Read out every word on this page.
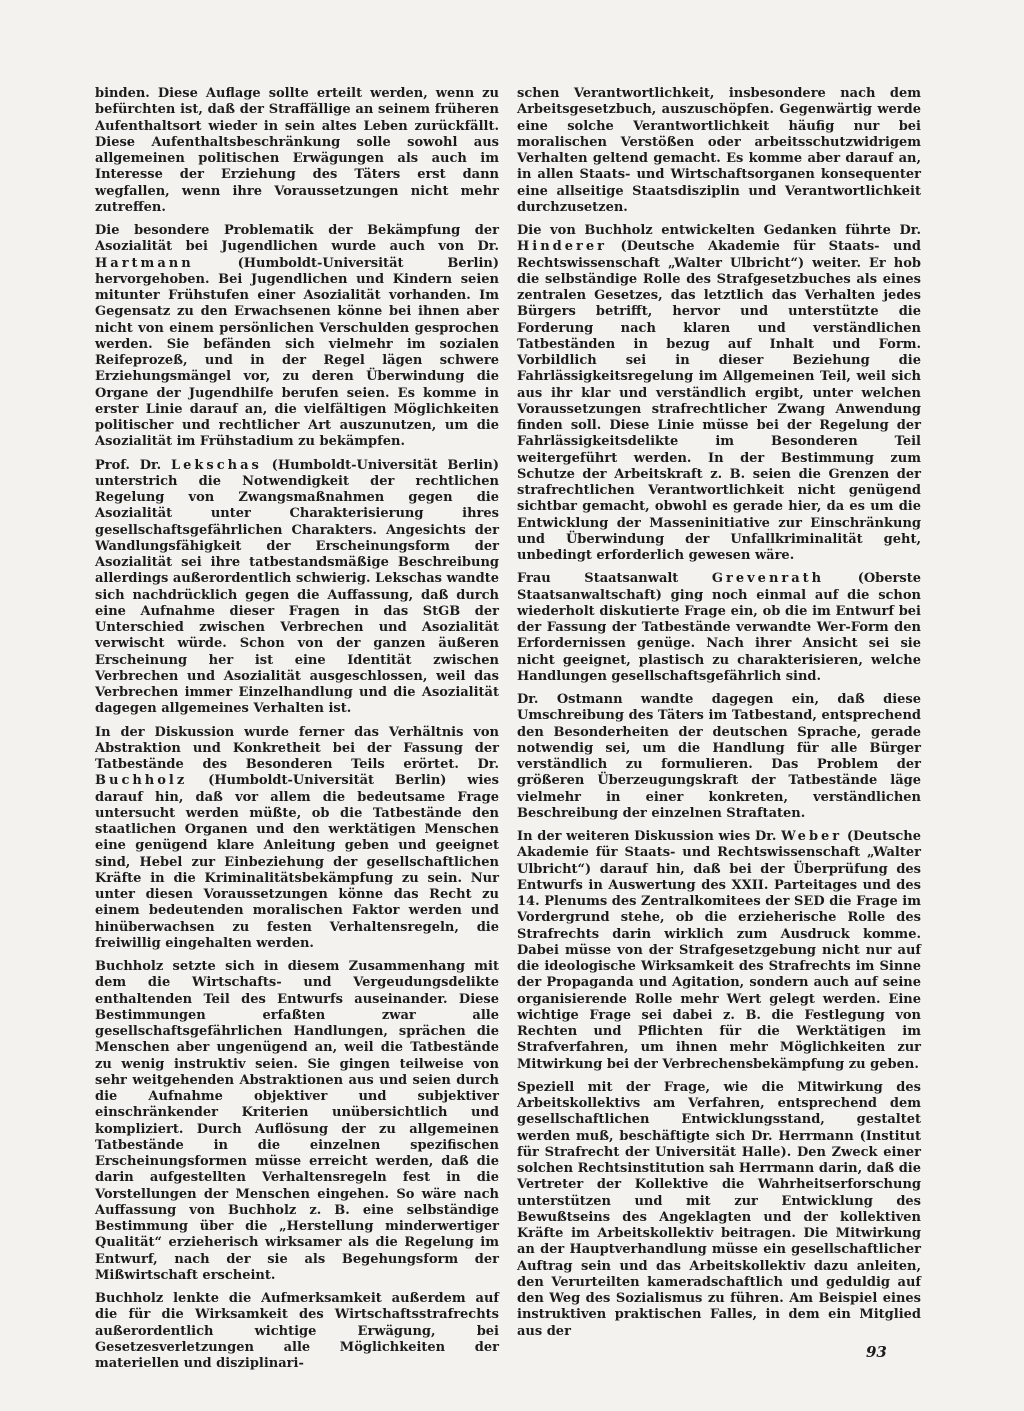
binden. Diese Auflage sollte erteilt werden, wenn zu befürchten ist, daß der Straffällige an seinem früheren Aufenthaltsort wieder in sein altes Leben zurückfällt. Diese Aufenthaltsbeschränkung solle sowohl aus allgemeinen politischen Erwägungen als auch im Interesse der Erziehung des Täters erst dann wegfallen, wenn ihre Voraussetzungen nicht mehr zutreffen.

Die besondere Problematik der Bekämpfung der Asozialität bei Jugendlichen wurde auch von Dr. Hartmann (Humboldt-Universität Berlin) hervorgehoben. Bei Jugendlichen und Kindern seien mitunter Frühstufen einer Asozialität vorhanden. Im Gegensatz zu den Erwachsenen könne bei ihnen aber nicht von einem persönlichen Verschulden gesprochen werden. Sie befänden sich vielmehr im sozialen Reifeprozeß, und in der Regel lägen schwere Erziehungsmängel vor, zu deren Überwindung die Organe der Jugendhilfe berufen seien. Es komme in erster Linie darauf an, die vielfältigen Möglichkeiten politischer und rechtlicher Art auszunutzen, um die Asozialität im Frühstadium zu bekämpfen.

Prof. Dr. Lekschas (Humboldt-Universität Berlin) unterstrich die Notwendigkeit der rechtlichen Regelung von Zwangsmaßnahmen gegen die Asozialität unter Charakterisierung ihres gesellschaftsgefährlichen Charakters. Angesichts der Wandlungsfähigkeit der Erscheinungsform der Asozialität sei ihre tatbestandsmäßige Beschreibung allerdings außerordentlich schwierig. Lekschas wandte sich nachdrücklich gegen die Auffassung, daß durch eine Aufnahme dieser Fragen in das StGB der Unterschied zwischen Verbrechen und Asozialität verwischt würde. Schon von der ganzen äußeren Erscheinung her ist eine Identität zwischen Verbrechen und Asozialität ausgeschlossen, weil das Verbrechen immer Einzelhandlung und die Asozialität dagegen allgemeines Verhalten ist.

In der Diskussion wurde ferner das Verhältnis von Abstraktion und Konkretheit bei der Fassung der Tatbestände des Besonderen Teils erörtet. Dr. Buchholz (Humboldt-Universität Berlin) wies darauf hin, daß vor allem die bedeutsame Frage untersucht werden müßte, ob die Tatbestände den staatlichen Organen und den werktätigen Menschen eine genügend klare Anleitung geben und geeignet sind, Hebel zur Einbeziehung der gesellschaftlichen Kräfte in die Kriminalitätsbekämpfung zu sein. Nur unter diesen Voraussetzungen könne das Recht zu einem bedeutenden moralischen Faktor werden und hinüberwachsen zu festen Verhaltensregeln, die freiwillig eingehalten werden.

Buchholz setzte sich in diesem Zusammenhang mit dem die Wirtschafts- und Vergeudungsdelikte enthaltenden Teil des Entwurfs auseinander. Diese Bestimmungen erfaßten zwar alle gesellschaftsgefährlichen Handlungen, sprächen die Menschen aber ungenügend an, weil die Tatbestände zu wenig instruktiv seien. Sie gingen teilweise von sehr weitgehenden Abstraktionen aus und seien durch die Aufnahme objektiver und subjektiver einschränkender Kriterien unübersichtlich und kompliziert. Durch Auflösung der zu allgemeinen Tatbestände in die einzelnen spezifischen Erscheinungsformen müsse erreicht werden, daß die darin aufgestellten Verhaltensregeln fest in die Vorstellungen der Menschen eingehen. So wäre nach Auffassung von Buchholz z. B. eine selbständige Bestimmung über die „Herstellung minderwertiger Qualität“ erzieherisch wirksamer als die Regelung im Entwurf, nach der sie als Begehungsform der Mißwirtschaft erscheint.

Buchholz lenkte die Aufmerksamkeit außerdem auf die für die Wirksamkeit des Wirtschaftsstrafrechts außerordentlich wichtige Erwägung, bei Gesetzesverletzungen alle Möglichkeiten der materiellen und disziplinari-

schen Verantwortlichkeit, insbesondere nach dem Arbeitsgesetzbuch, auszuschöpfen. Gegenwärtig werde eine solche Verantwortlichkeit häufig nur bei moralischen Verstößen oder arbeitsschutzwidrigem Verhalten geltend gemacht. Es komme aber darauf an, in allen Staats- und Wirtschaftsorganen konsequenter eine allseitige Staatsdisziplin und Verantwortlichkeit durchzusetzen.

Die von Buchholz entwickelten Gedanken führte Dr. Hinderer (Deutsche Akademie für Staats- und Rechtswissenschaft „Walter Ulbricht“) weiter. Er hob die selbständige Rolle des Strafgesetzbuches als eines zentralen Gesetzes, das letztlich das Verhalten jedes Bürgers betrifft, hervor und unterstützte die Forderung nach klaren und verständlichen Tatbeständen in bezug auf Inhalt und Form. Vorbildlich sei in dieser Beziehung die Fahrlässigkeitsregelung im Allgemeinen Teil, weil sich aus ihr klar und verständlich ergibt, unter welchen Voraussetzungen strafrechtlicher Zwang Anwendung finden soll. Diese Linie müsse bei der Regelung der Fahrlässigkeitsdelikte im Besonderen Teil weitergeführt werden. In der Bestimmung zum Schutze der Arbeitskraft z. B. seien die Grenzen der strafrechtlichen Verantwortlichkeit nicht genügend sichtbar gemacht, obwohl es gerade hier, da es um die Entwicklung der Masseninitiative zur Einschränkung und Überwindung der Unfallkriminalität geht, unbedingt erforderlich gewesen wäre.

Frau Staatsanwalt Grevenrath (Oberste Staatsanwaltschaft) ging noch einmal auf die schon wiederholt diskutierte Frage ein, ob die im Entwurf bei der Fassung der Tatbestände verwandte Wer-Form den Erfordernissen genüge. Nach ihrer Ansicht sei sie nicht geeignet, plastisch zu charakterisieren, welche Handlungen gesellschaftsgefährlich sind.

Dr. Ostmann wandte dagegen ein, daß diese Umschreibung des Täters im Tatbestand, entsprechend den Besonderheiten der deutschen Sprache, gerade notwendig sei, um die Handlung für alle Bürger verständlich zu formulieren. Das Problem der größeren Überzeugungskraft der Tatbestände läge vielmehr in einer konkreten, verständlichen Beschreibung der einzelnen Straftaten.

In der weiteren Diskussion wies Dr. Weber (Deutsche Akademie für Staats- und Rechtswissenschaft „Walter Ulbricht“) darauf hin, daß bei der Überprüfung des Entwurfs in Auswertung des XXII. Parteitages und des 14. Plenums des Zentralkomitees der SED die Frage im Vordergrund stehe, ob die erzieherische Rolle des Strafrechts darin wirklich zum Ausdruck komme. Dabei müsse von der Strafgesetzgebung nicht nur auf die ideologische Wirksamkeit des Strafrechts im Sinne der Propaganda und Agitation, sondern auch auf seine organisierende Rolle mehr Wert gelegt werden. Eine wichtige Frage sei dabei z. B. die Festlegung von Rechten und Pflichten für die Werktätigen im Strafverfahren, um ihnen mehr Möglichkeiten zur Mitwirkung bei der Verbrechensbekämpfung zu geben.

Speziell mit der Frage, wie die Mitwirkung des Arbeitskollektivs am Verfahren, entsprechend dem gesellschaftlichen Entwicklungsstand, gestaltet werden muß, beschäftigte sich Dr. Herrmann (Institut für Strafrecht der Universität Halle). Den Zweck einer solchen Rechtsinstitution sah Herrmann darin, daß die Vertreter der Kollektive die Wahrheitserforschung unterstützen und mit zur Entwicklung des Bewußtseins des Angeklagten und der kollektiven Kräfte im Arbeitskollektiv beitragen. Die Mitwirkung an der Hauptverhandlung müsse ein gesellschaftlicher Auftrag sein und das Arbeitskollektiv dazu anleiten, den Verurteilten kameradschaftlich und geduldig auf den Weg des Sozialismus zu führen. Am Beispiel eines instruktiven praktischen Falles, in dem ein Mitglied aus der

93
